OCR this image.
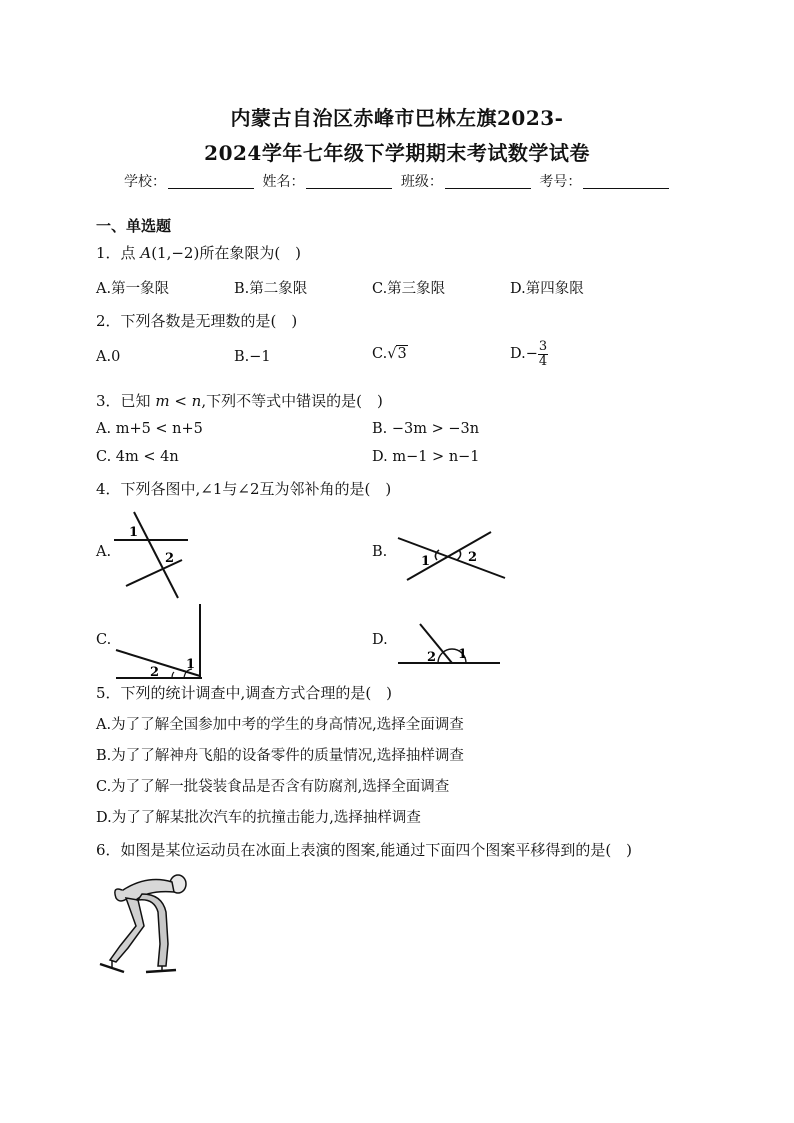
内蒙古自治区赤峰市巴林左旗2023-
2024学年七年级下学期期末考试数学试卷
学校：	姓名：	班级：	考号：
一、单选题
1．点 A(1,−2)所在象限为(　)
A.第一象限	B.第二象限	C.第三象限	D.第四象限
2．下列各数是无理数的是(　)
A.0	B.−1	C.√3	$D.- \frac{3}{4}$
3．已知 m < n,下列不等式中错误的是(　)
A. m+5 < n+5	B. −3m > −3n
C. 4m < 4n	D. m−1 > n−1
4．下列各图中,∠1与∠2互为邻补角的是(　)
A.
1
2	B.
1	2
C.
1
2
D.
1
2
5．下列的统计调查中,调查方式合理的是(　)
A.为了了解全国参加中考的学生的身高情况,选择全面调查
B.为了了解神舟飞船的设备零件的质量情况,选择抽样调查
C.为了了解一批袋装食品是否含有防腐剂,选择全面调查
D.为了了解某批次汽车的抗撞击能力,选择抽样调查
6．如图是某位运动员在冰面上表演的图案,能通过下面四个图案平移得到的是(　)
